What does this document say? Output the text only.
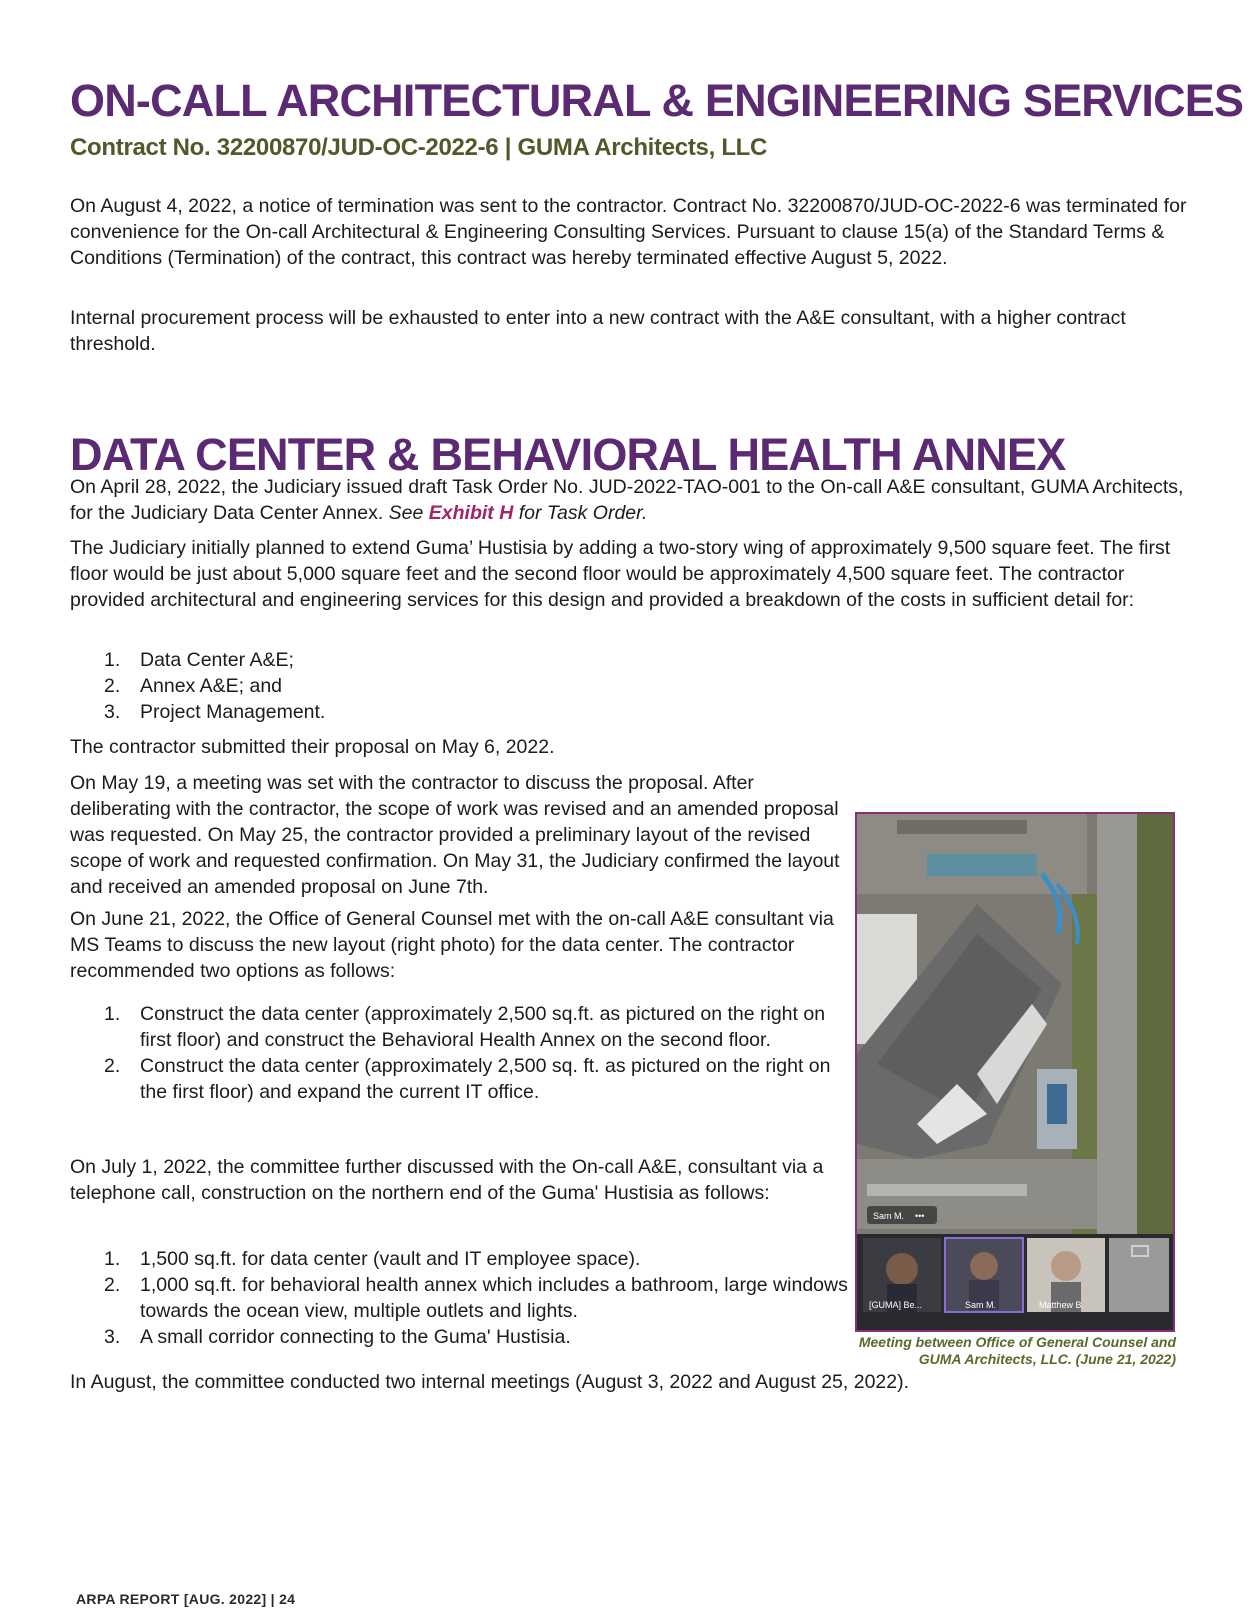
ON-CALL ARCHITECTURAL & ENGINEERING SERVICES
Contract No. 32200870/JUD-OC-2022-6 | GUMA Architects, LLC

On August 4, 2022, a notice of termination was sent to the contractor. Contract No. 32200870/JUD-OC-2022-6 was terminated for convenience for the On-call Architectural & Engineering Consulting Services. Pursuant to clause 15(a) of the Standard Terms & Conditions (Termination) of the contract, this contract was hereby terminated effective August 5, 2022.

Internal procurement process will be exhausted to enter into a new contract with the A&E consultant, with a higher contract threshold.

DATA CENTER & BEHAVIORAL HEALTH ANNEX

On April 28, 2022, the Judiciary issued draft Task Order No. JUD-2022-TAO-001 to the On-call A&E consultant, GUMA Architects, for the Judiciary Data Center Annex. See Exhibit H for Task Order.

The Judiciary initially planned to extend Guma’ Hustisia by adding a two-story wing of approximately 9,500 square feet. The first floor would be just about 5,000 square feet and the second floor would be approximately 4,500 square feet. The contractor provided architectural and engineering services for this design and provided a breakdown of the costs in sufficient detail for:

1. Data Center A&E;
2. Annex A&E; and
3. Project Management.

The contractor submitted their proposal on May 6, 2022.

On May 19, a meeting was set with the contractor to discuss the proposal. After deliberating with the contractor, the scope of work was revised and an amended proposal was requested. On May 25, the contractor provided a preliminary layout of the revised scope of work and requested confirmation. On May 31, the Judiciary confirmed the layout and received an amended proposal on June 7th.

On June 21, 2022, the Office of General Counsel met with the on-call A&E consultant via MS Teams to discuss the new layout (right photo) for the data center. The contractor recommended two options as follows:

1. Construct the data center (approximately 2,500 sq.ft. as pictured on the right on first floor) and construct the Behavioral Health Annex on the second floor.
2. Construct the data center (approximately 2,500 sq. ft. as pictured on the right on the first floor) and expand the current IT office.

On July 1, 2022, the committee further discussed with the On-call A&E, consultant via a telephone call, construction on the northern end of the Guma' Hustisia as follows:

1. 1,500 sq.ft. for data center (vault and IT employee space).
2. 1,000 sq.ft. for behavioral health annex which includes a bathroom, large windows towards the ocean view, multiple outlets and lights.
3. A small corridor connecting to the Guma' Hustisia.

In August, the committee conducted two internal meetings (August 3, 2022 and August 25, 2022).

Sam M. •••
[GUMA] Be...	Sam M.	Matthew B.
Meeting between Office of General Counsel and GUMA Architects, LLC. (June 21, 2022)
ARPA REPORT [AUG. 2022] | 24
